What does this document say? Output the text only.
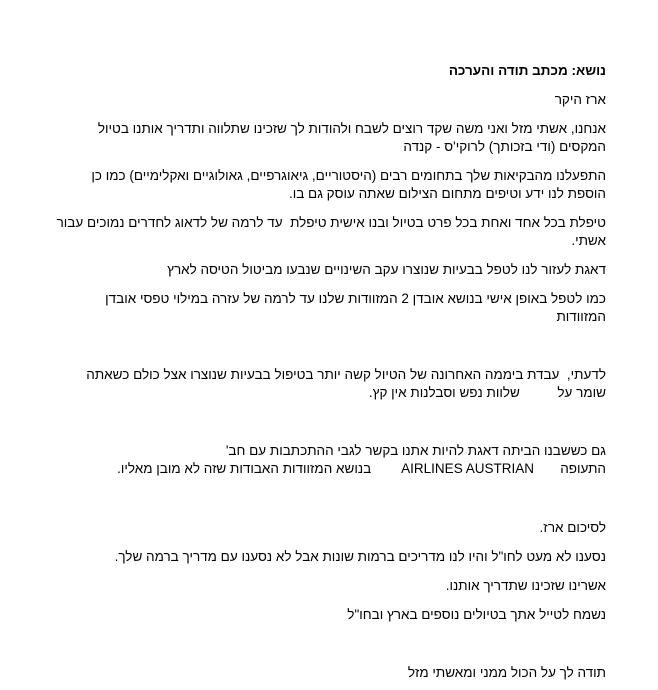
נושא: מכתב תודה והערכה
ארז היקר
אנחנו, אשתי מזל ואני משה שקד רוצים לשבח ולהודות לך שזכינו שתלווה ותדריך אותנו בטיול
המקסים (ודי בזכותך) לרוקי'ס - קנדה
התפעלנו מהבקיאות שלך בתחומים רבים (היסטוריים, גיאוגרפיים, גאולוגיים ואקלימיים) כמו כן
הוספת לנו ידע וטיפים מתחום הצילום שאתה עוסק גם בו.
טיפלת בכל אחד ואחת בכל פרט בטיול ובנו אישית טיפלת  עד לרמה של לדאוג לחדרים נמוכים עבור
אשתי.
דאגת לעזור לנו לטפל בבעיות שנוצרו עקב השינויים שנבעו מביטול הטיסה לארץ
כמו לטפל באופן אישי בנושא אובדן 2 המזוודות שלנו עד לרמה של עזרה במילוי טפסי אובדן
המזוודות
לדעתי,  עבדת ביממה האחרונה של הטיול קשה יותר בטיפול בבעיות שנוצרו אצל כולם כשאתה
שומר על          שלוות נפש וסבלנות אין קץ.
גם כששבנו הביתה דאגת להיות אתנו בקשר לגבי ההתכתבות עם חב'
התעופה       AIRLINES AUSTRIAN        בנושא המזוודות האבודות שזה לא מובן מאליו.
לסיכום ארז.
נסענו לא מעט לחו"ל והיו לנו מדריכים ברמות שונות אבל לא נסענו עם מדריך ברמה שלך.
אשרינו שזכינו שתדריך אותנו.
נשמח לטייל אתך בטיולים נוספים בארץ ובחו"ל
תודה לך על הכול ממני ומאשתי מזל
